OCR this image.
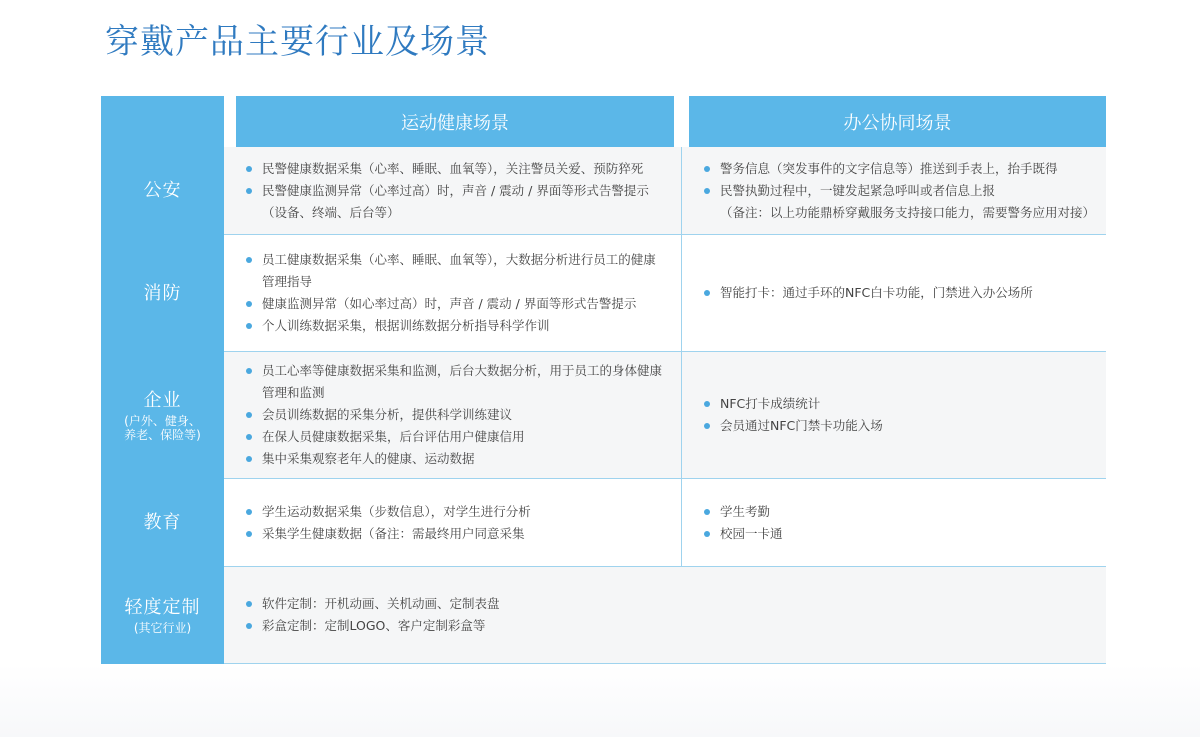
穿戴产品主要行业及场景
运动健康场景	办公协同场景
公安
民警健康数据采集（心率、睡眠、血氧等），关注警员关爱、预防猝死
民警健康监测异常（心率过高）时，声音 / 震动 / 界面等形式告警提示
（设备、终端、后台等）
警务信息（突发事件的文字信息等）推送到手表上，抬手既得
民警执勤过程中，一键发起紧急呼叫或者信息上报
（备注：以上功能鼎桥穿戴服务支持接口能力，需要警务应用对接）
消防
员工健康数据采集（心率、睡眠、血氧等），大数据分析进行员工的健康管理指导
健康监测异常（如心率过高）时，声音 / 震动 / 界面等形式告警提示
个人训练数据采集，根据训练数据分析指导科学作训
智能打卡：通过手环的NFC白卡功能，门禁进入办公场所
企业
(户外、健身、
养老、保险等)
员工心率等健康数据采集和监测，后台大数据分析，用于员工的身体健康管理和监测
会员训练数据的采集分析，提供科学训练建议
在保人员健康数据采集，后台评估用户健康信用
集中采集观察老年人的健康、运动数据
NFC打卡成绩统计
会员通过NFC门禁卡功能入场
教育
学生运动数据采集（步数信息），对学生进行分析
采集学生健康数据（备注：需最终用户同意采集
学生考勤
校园一卡通
轻度定制
(其它行业)
软件定制：开机动画、关机动画、定制表盘
彩盒定制：定制LOGO、客户定制彩盒等
